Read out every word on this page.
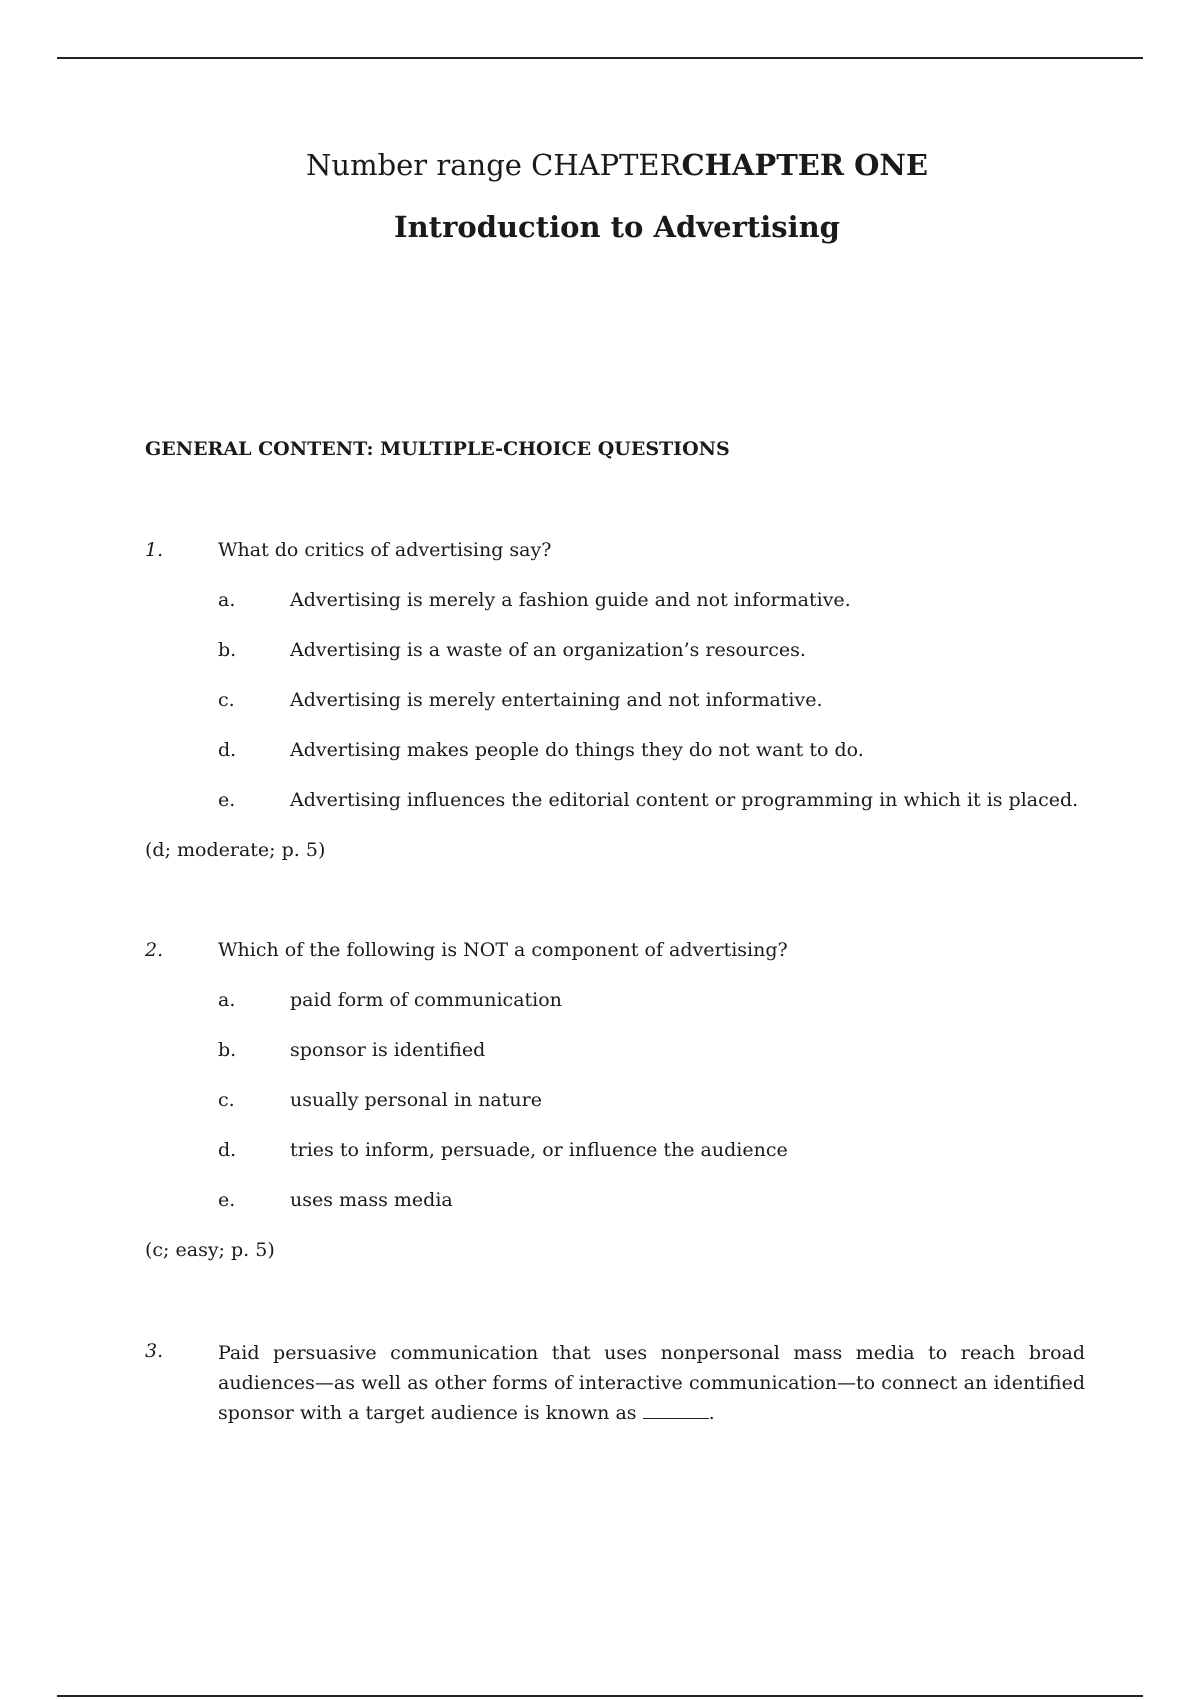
Number range CHAPTERCHAPTER ONE
Introduction to Advertising
GENERAL CONTENT: MULTIPLE-CHOICE QUESTIONS
1.	What do critics of advertising say?
a.	Advertising is merely a fashion guide and not informative.
b.	Advertising is a waste of an organization’s resources.
c.	Advertising is merely entertaining and not informative.
d.	Advertising makes people do things they do not want to do.
e.	Advertising influences the editorial content or programming in which it is placed.
(d; moderate; p. 5)
2.	Which of the following is NOT a component of advertising?
a.	paid form of communication
b.	sponsor is identified
c.	usually personal in nature
d.	tries to inform, persuade, or influence the audience
e.	uses mass media
(c; easy; p. 5)
3.	Paid persuasive communication that uses nonpersonal mass media to reach broad audiences—as well as other forms of interactive communication—to connect an identified sponsor with a target audience is known as	.
